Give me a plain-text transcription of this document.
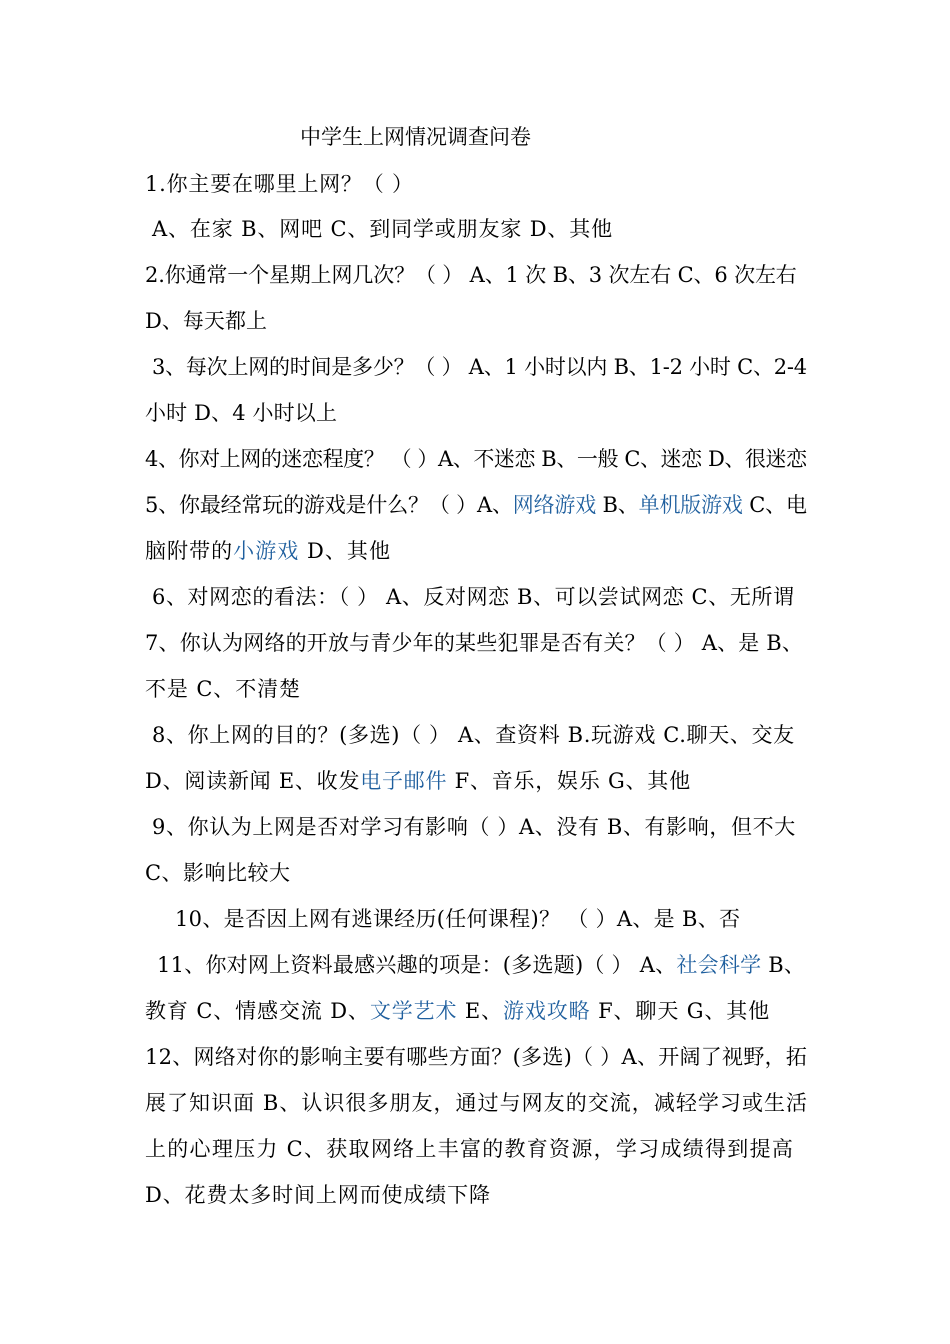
中学生上网情况调查问卷
1.你主要在哪里上网？（ ）
A、在家 B、网吧 C、到同学或朋友家 D、其他
2.你通常一个星期上网几次？（ ） A、1 次 B、3 次左右 C、6 次左右
D、每天都上
3、每次上网的时间是多少？（ ） A、1 小时以内 B、1-2 小时 C、2-4
小时 D、4 小时以上
4、你对上网的迷恋程度？ （ ）A、不迷恋 B、一般 C、迷恋 D、很迷恋
5、你最经常玩的游戏是什么？（ ）A、网络游戏 B、单机版游戏 C、电
脑附带的小游戏 D、其他
6、对网恋的看法：（ ） A、反对网恋 B、可以尝试网恋 C、无所谓
7、你认为网络的开放与青少年的某些犯罪是否有关？（ ） A、是 B、
不是 C、不清楚
8、你上网的目的？(多选)（ ） A、查资料 B.玩游戏 C.聊天、交友
D、阅读新闻 E、收发电子邮件 F、音乐，娱乐 G、其他
9、你认为上网是否对学习有影响（ ）A、没有 B、有影响，但不大
C、影响比较大
10、是否因上网有逃课经历(任何课程)？ （ ）A、是 B、否
11、你对网上资料最感兴趣的项是：(多选题)（ ） A、社会科学 B、
教育 C、情感交流 D、文学艺术 E、游戏攻略 F、聊天 G、其他
12、网络对你的影响主要有哪些方面？(多选)（ ）A、开阔了视野，拓
展了知识面 B、认识很多朋友，通过与网友的交流，减轻学习或生活
上的心理压力 C、获取网络上丰富的教育资源，学习成绩得到提高
D、花费太多时间上网而使成绩下降
